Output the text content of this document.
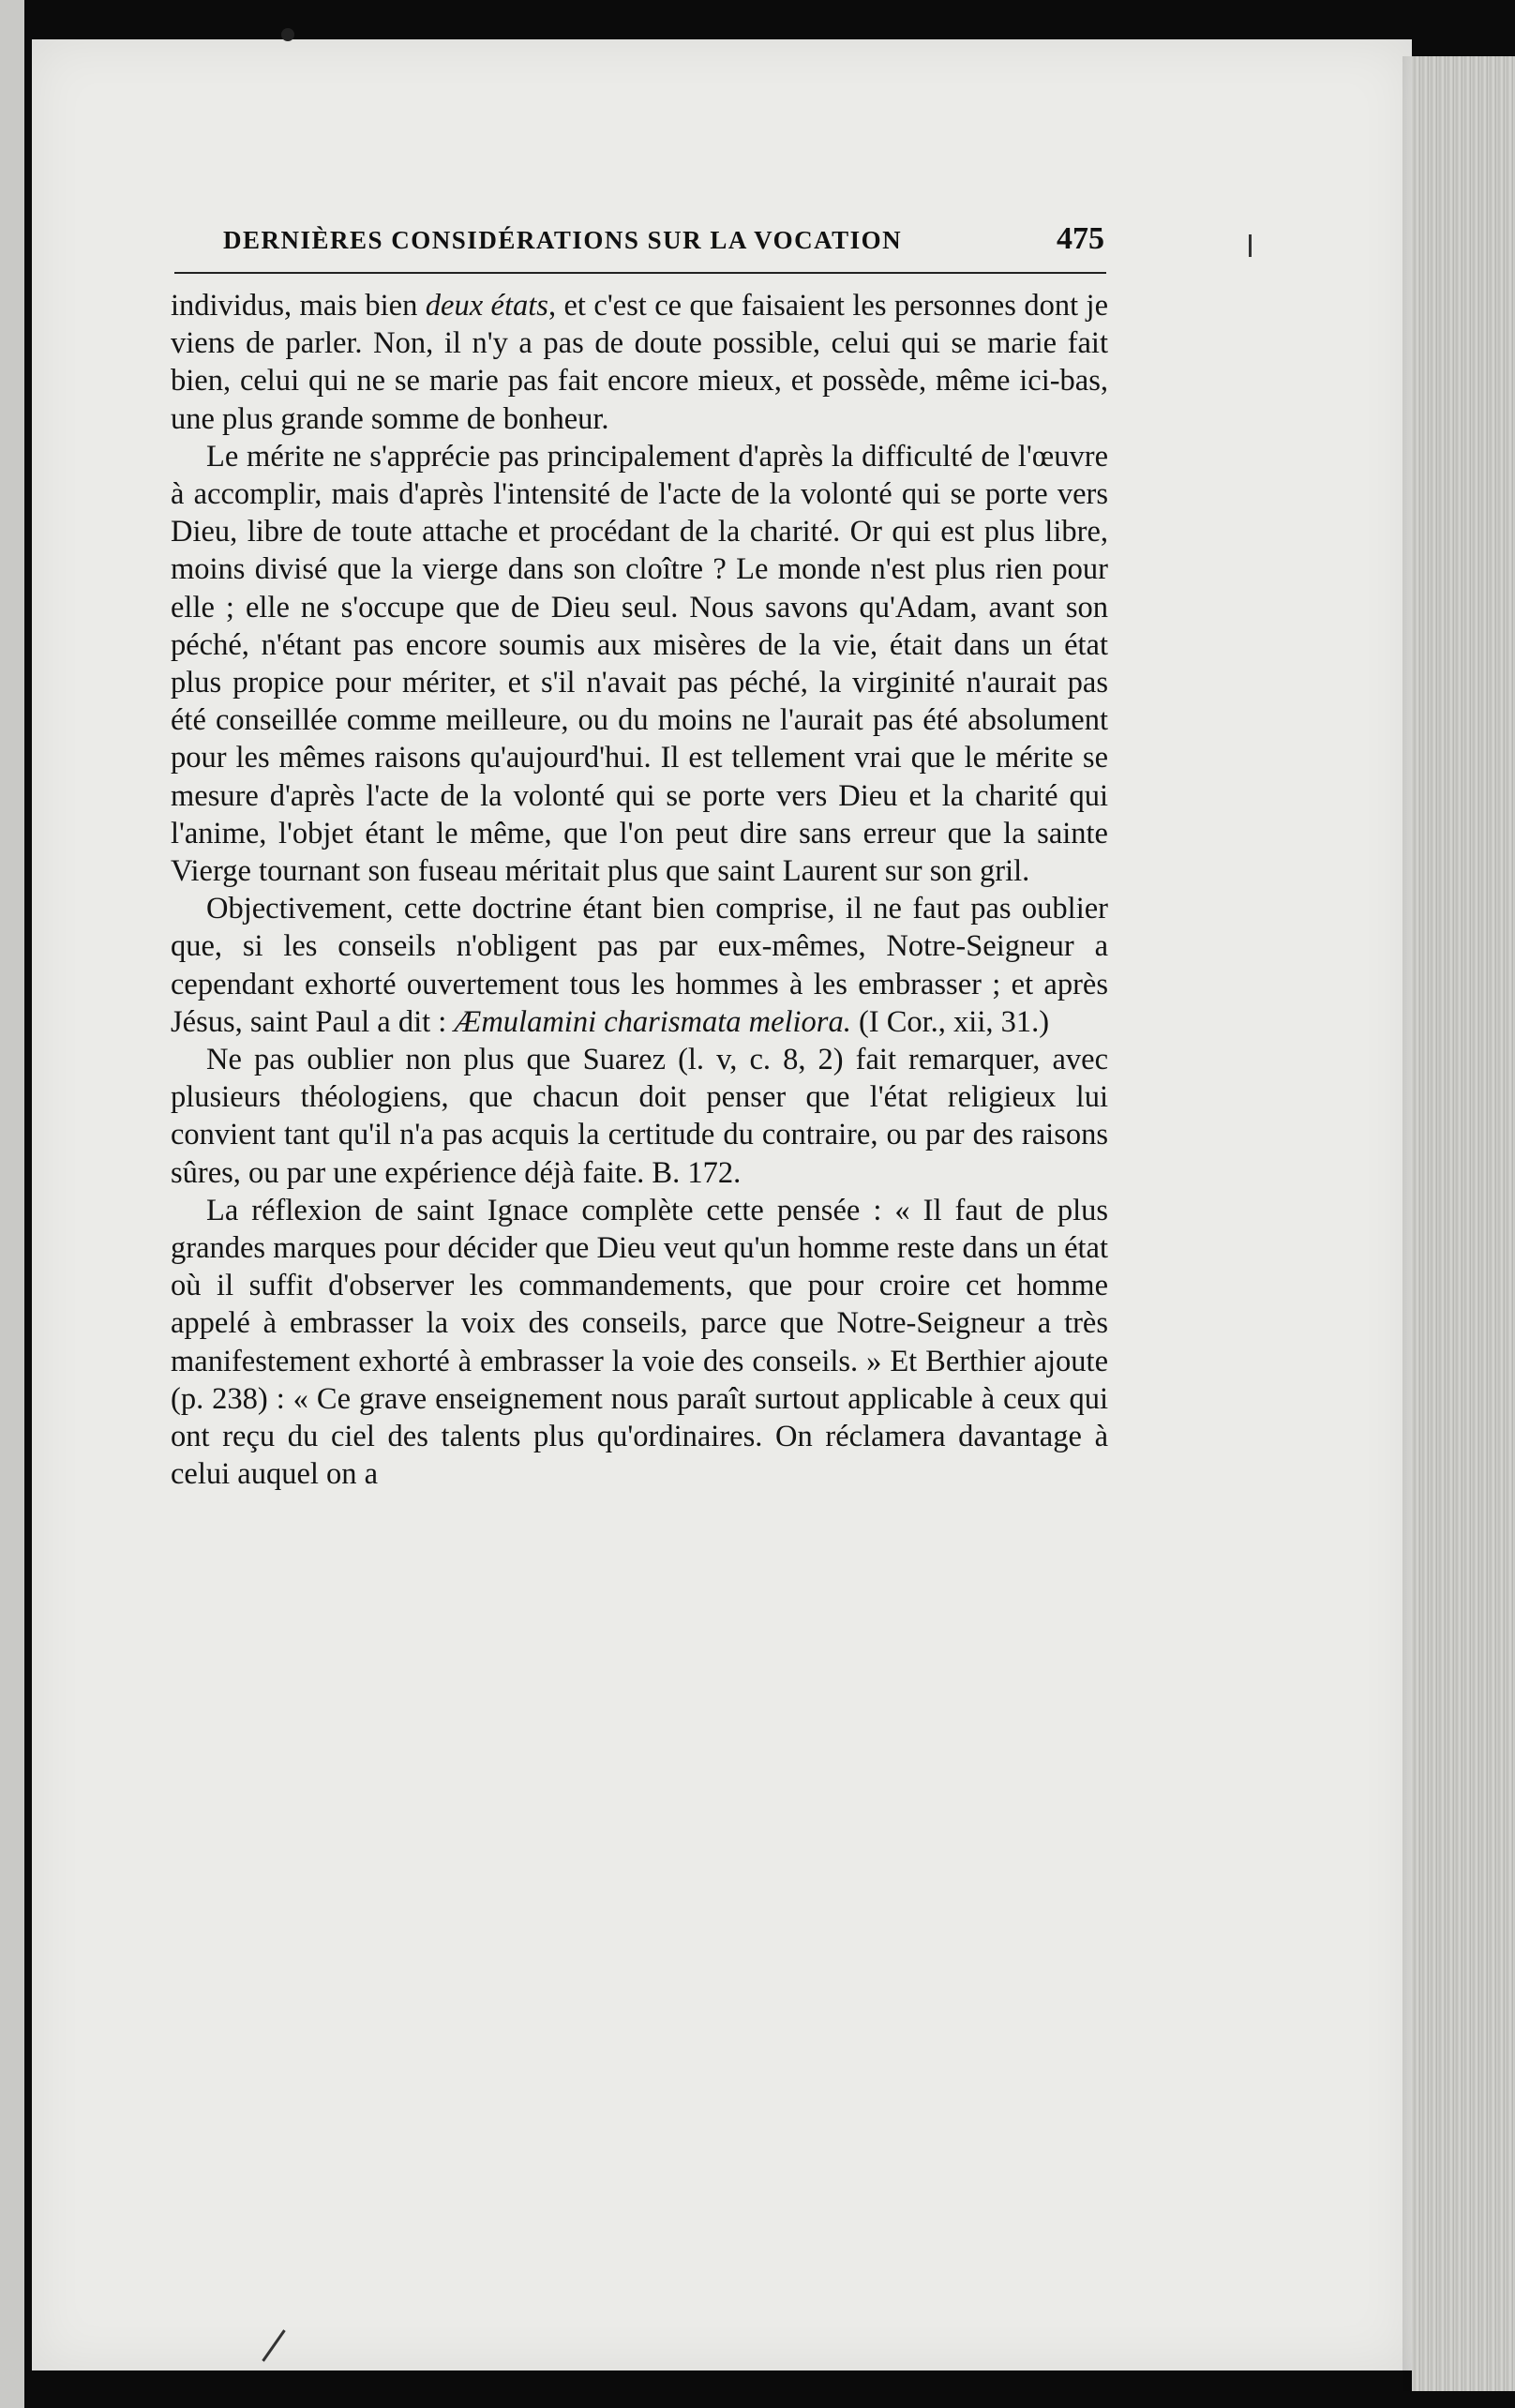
DERNIÈRES CONSIDÉRATIONS SUR LA VOCATION	475

individus, mais bien deux états, et c'est ce que faisaient les personnes dont je viens de parler. Non, il n'y a pas de doute possible, celui qui se marie fait bien, celui qui ne se marie pas fait encore mieux, et possède, même ici-bas, une plus grande somme de bonheur.

Le mérite ne s'apprécie pas principalement d'après la difficulté de l'œuvre à accomplir, mais d'après l'intensité de l'acte de la volonté qui se porte vers Dieu, libre de toute attache et procédant de la charité. Or qui est plus libre, moins divisé que la vierge dans son cloître ? Le monde n'est plus rien pour elle ; elle ne s'occupe que de Dieu seul. Nous savons qu'Adam, avant son péché, n'étant pas encore soumis aux misères de la vie, était dans un état plus propice pour mériter, et s'il n'avait pas péché, la virginité n'aurait pas été conseillée comme meilleure, ou du moins ne l'aurait pas été absolument pour les mêmes raisons qu'aujourd'hui. Il est tellement vrai que le mérite se mesure d'après l'acte de la volonté qui se porte vers Dieu et la charité qui l'anime, l'objet étant le même, que l'on peut dire sans erreur que la sainte Vierge tournant son fuseau méritait plus que saint Laurent sur son gril.

Objectivement, cette doctrine étant bien comprise, il ne faut pas oublier que, si les conseils n'obligent pas par eux-mêmes, Notre-Seigneur a cependant exhorté ouvertement tous les hommes à les embrasser ; et après Jésus, saint Paul a dit : Æmulamini charismata meliora. (I Cor., xii, 31.)

Ne pas oublier non plus que Suarez (l. v, c. 8, 2) fait remarquer, avec plusieurs théologiens, que chacun doit penser que l'état religieux lui convient tant qu'il n'a pas acquis la certitude du contraire, ou par des raisons sûres, ou par une expérience déjà faite. B. 172.

La réflexion de saint Ignace complète cette pensée : « Il faut de plus grandes marques pour décider que Dieu veut qu'un homme reste dans un état où il suffit d'observer les commandements, que pour croire cet homme appelé à embrasser la voix des conseils, parce que Notre-Seigneur a très manifestement exhorté à embrasser la voie des conseils. » Et Berthier ajoute (p. 238) : « Ce grave enseignement nous paraît surtout applicable à ceux qui ont reçu du ciel des talents plus qu'ordinaires. On réclamera davantage à celui auquel on a
